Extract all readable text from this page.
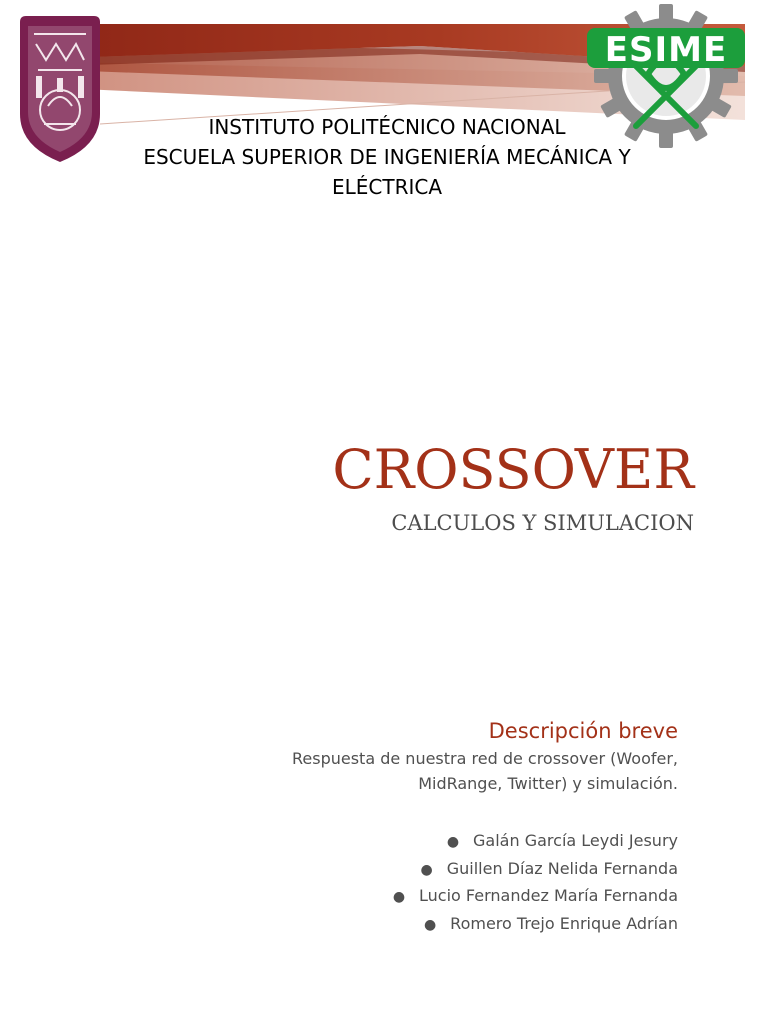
ESIME
INSTITUTO POLITÉCNICO NACIONAL
ESCUELA SUPERIOR DE INGENIERÍA MECÁNICA Y
ELÉCTRICA
CROSSOVER
CALCULOS Y SIMULACION
Descripción breve
Respuesta de nuestra red de crossover (Woofer,
MidRange, Twitter) y simulación.
● Galán García Leydi Jesury
● Guillen Díaz Nelida Fernanda
● Lucio Fernandez María Fernanda
● Romero Trejo Enrique Adrían
